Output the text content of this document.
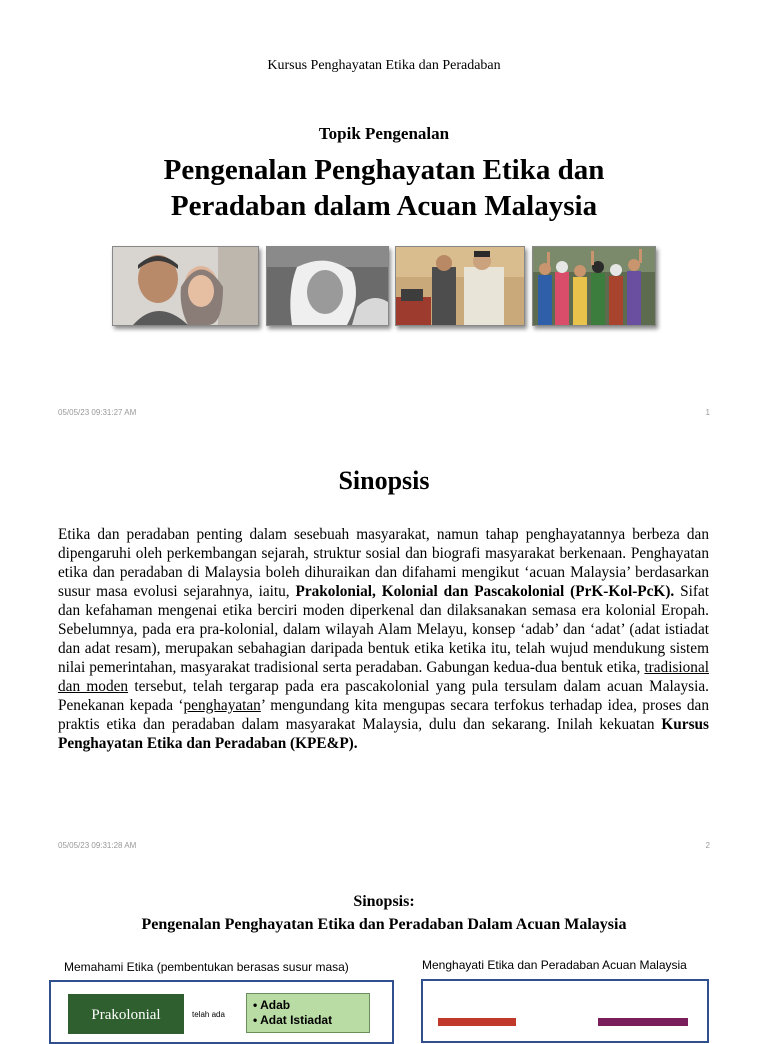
Kursus Penghayatan Etika dan Peradaban
Topik Pengenalan
Pengenalan Penghayatan Etika dan
Peradaban dalam Acuan Malaysia
05/05/23 09:31:27 AM	1
Sinopsis
Etika dan peradaban penting dalam sesebuah masyarakat, namun tahap penghayatannya berbeza dan dipengaruhi oleh perkembangan sejarah, struktur sosial dan biografi masyarakat berkenaan. Penghayatan etika dan peradaban di Malaysia boleh dihuraikan dan difahami mengikut ‘acuan Malaysia’ berdasarkan susur masa evolusi sejarahnya, iaitu, Prakolonial, Kolonial dan Pascakolonial (PrK-Kol-PcK). Sifat dan kefahaman mengenai etika berciri moden diperkenal dan dilaksanakan semasa era kolonial Eropah. Sebelumnya, pada era pra-kolonial, dalam wilayah Alam Melayu, konsep ‘adab’ dan ‘adat’ (adat istiadat dan adat resam), merupakan sebahagian daripada bentuk etika ketika itu, telah wujud mendukung sistem nilai pemerintahan, masyarakat tradisional serta peradaban. Gabungan kedua-dua bentuk etika, tradisional dan moden tersebut, telah tergarap pada era pascakolonial yang pula tersulam dalam acuan Malaysia. Penekanan kepada ‘penghayatan’ mengundang kita mengupas secara terfokus terhadap idea, proses dan praktis etika dan peradaban dalam masyarakat Malaysia, dulu dan sekarang. Inilah kekuatan Kursus Penghayatan Etika dan Peradaban (KPE&P).
05/05/23 09:31:28 AM	2
Sinopsis:
Pengenalan Penghayatan Etika dan Peradaban Dalam Acuan Malaysia
Memahami Etika (pembentukan berasas susur masa)	Menghayati Etika dan Peradaban Acuan Malaysia
Prakolonial	telah ada
• Adab
• Adat Istiadat
